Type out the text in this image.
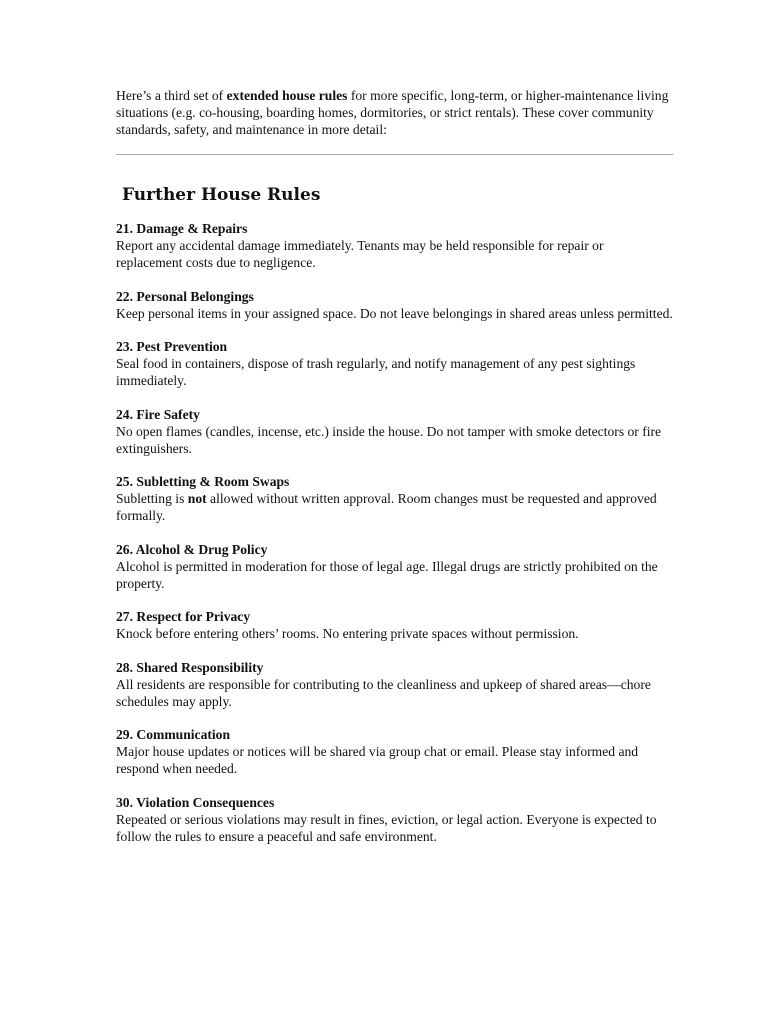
Here’s a third set of extended house rules for more specific, long-term, or higher-maintenance living situations (e.g. co-housing, boarding homes, dormitories, or strict rentals). These cover community standards, safety, and maintenance in more detail:

Further House Rules

21. Damage & Repairs

Report any accidental damage immediately. Tenants may be held responsible for repair or replacement costs due to negligence.

22. Personal Belongings

Keep personal items in your assigned space. Do not leave belongings in shared areas unless permitted.

23. Pest Prevention

Seal food in containers, dispose of trash regularly, and notify management of any pest sightings immediately.

24. Fire Safety

No open flames (candles, incense, etc.) inside the house. Do not tamper with smoke detectors or fire extinguishers.

25. Subletting & Room Swaps

Subletting is not allowed without written approval. Room changes must be requested and approved formally.

26. Alcohol & Drug Policy

Alcohol is permitted in moderation for those of legal age. Illegal drugs are strictly prohibited on the property.

27. Respect for Privacy

Knock before entering others’ rooms. No entering private spaces without permission.

28. Shared Responsibility

All residents are responsible for contributing to the cleanliness and upkeep of shared areas—chore schedules may apply.

29. Communication

Major house updates or notices will be shared via group chat or email. Please stay informed and respond when needed.

30. Violation Consequences

Repeated or serious violations may result in fines, eviction, or legal action. Everyone is expected to follow the rules to ensure a peaceful and safe environment.
